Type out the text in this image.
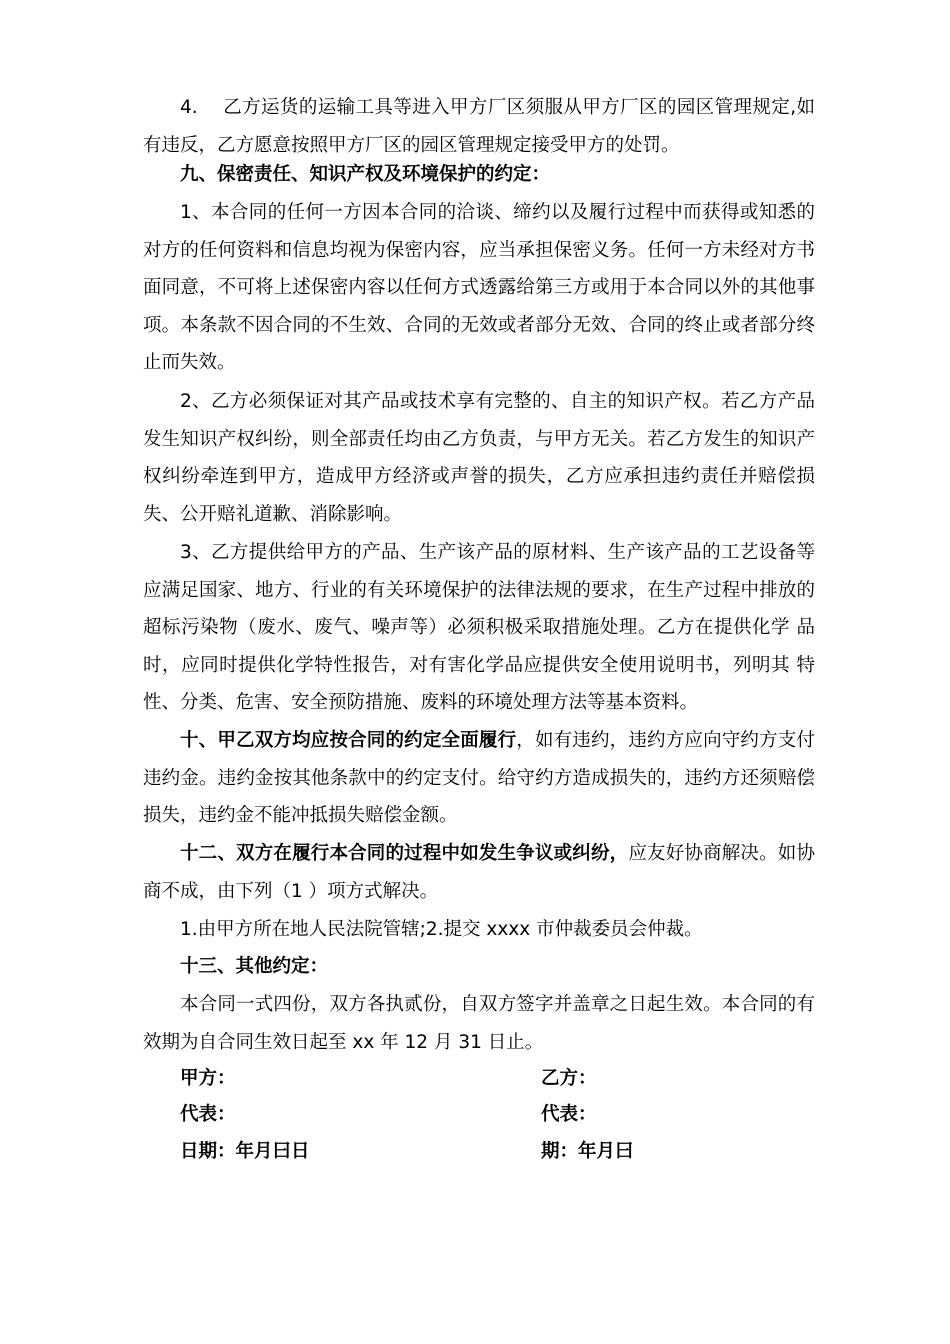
4.　 乙方运货的运输工具等进入甲方厂区须服从甲方厂区的园区管理规定,如有违反，乙方愿意按照甲方厂区的园区管理规定接受甲方的处罚。

九、保密责任、知识产权及环境保护的约定：

1、本合同的任何一方因本合同的洽谈、缔约以及履行过程中而获得或知悉的对方的任何资料和信息均视为保密内容，应当承担保密义务。任何一方未经对方书面同意，不可将上述保密内容以任何方式透露给第三方或用于本合同以外的其他事项。本条款不因合同的不生效、合同的无效或者部分无效、合同的终止或者部分终止而失效。

2、乙方必须保证对其产品或技术享有完整的、自主的知识产权。若乙方产品发生知识产权纠纷，则全部责任均由乙方负责，与甲方无关。若乙方发生的知识产权纠纷牵连到甲方，造成甲方经济或声誉的损失，乙方应承担违约责任并赔偿损失、公开赔礼道歉、消除影响。

3、乙方提供给甲方的产品、生产该产品的原材料、生产该产品的工艺设备等应满足国家、地方、行业的有关环境保护的法律法规的要求，在生产过程中排放的超标污染物（废水、废气、噪声等）必须积极采取措施处理。乙方在提供化学 品时，应同时提供化学特性报告，对有害化学品应提供安全使用说明书，列明其 特性、分类、危害、安全预防措施、废料的环境处理方法等基本资料。

十、甲乙双方均应按合同的约定全面履行，如有违约，违约方应向守约方支付违约金。违约金按其他条款中的约定支付。给守约方造成损失的，违约方还须赔偿损失，违约金不能冲抵损失赔偿金额。

十二、双方在履行本合同的过程中如发生争议或纠纷，应友好协商解决。如协商不成，由下列（1 ）项方式解决。

1.由甲方所在地人民法院管辖;2.提交 xxxx 市仲裁委员会仲裁。

十三、其他约定：

本合同一式四份，双方各执贰份，自双方签字并盖章之日起生效。本合同的有效期为自合同生效日起至 xx 年 12 月 31 日止。

甲方：	乙方：
代表：	代表：
日期：年月曰日	期：年月曰
